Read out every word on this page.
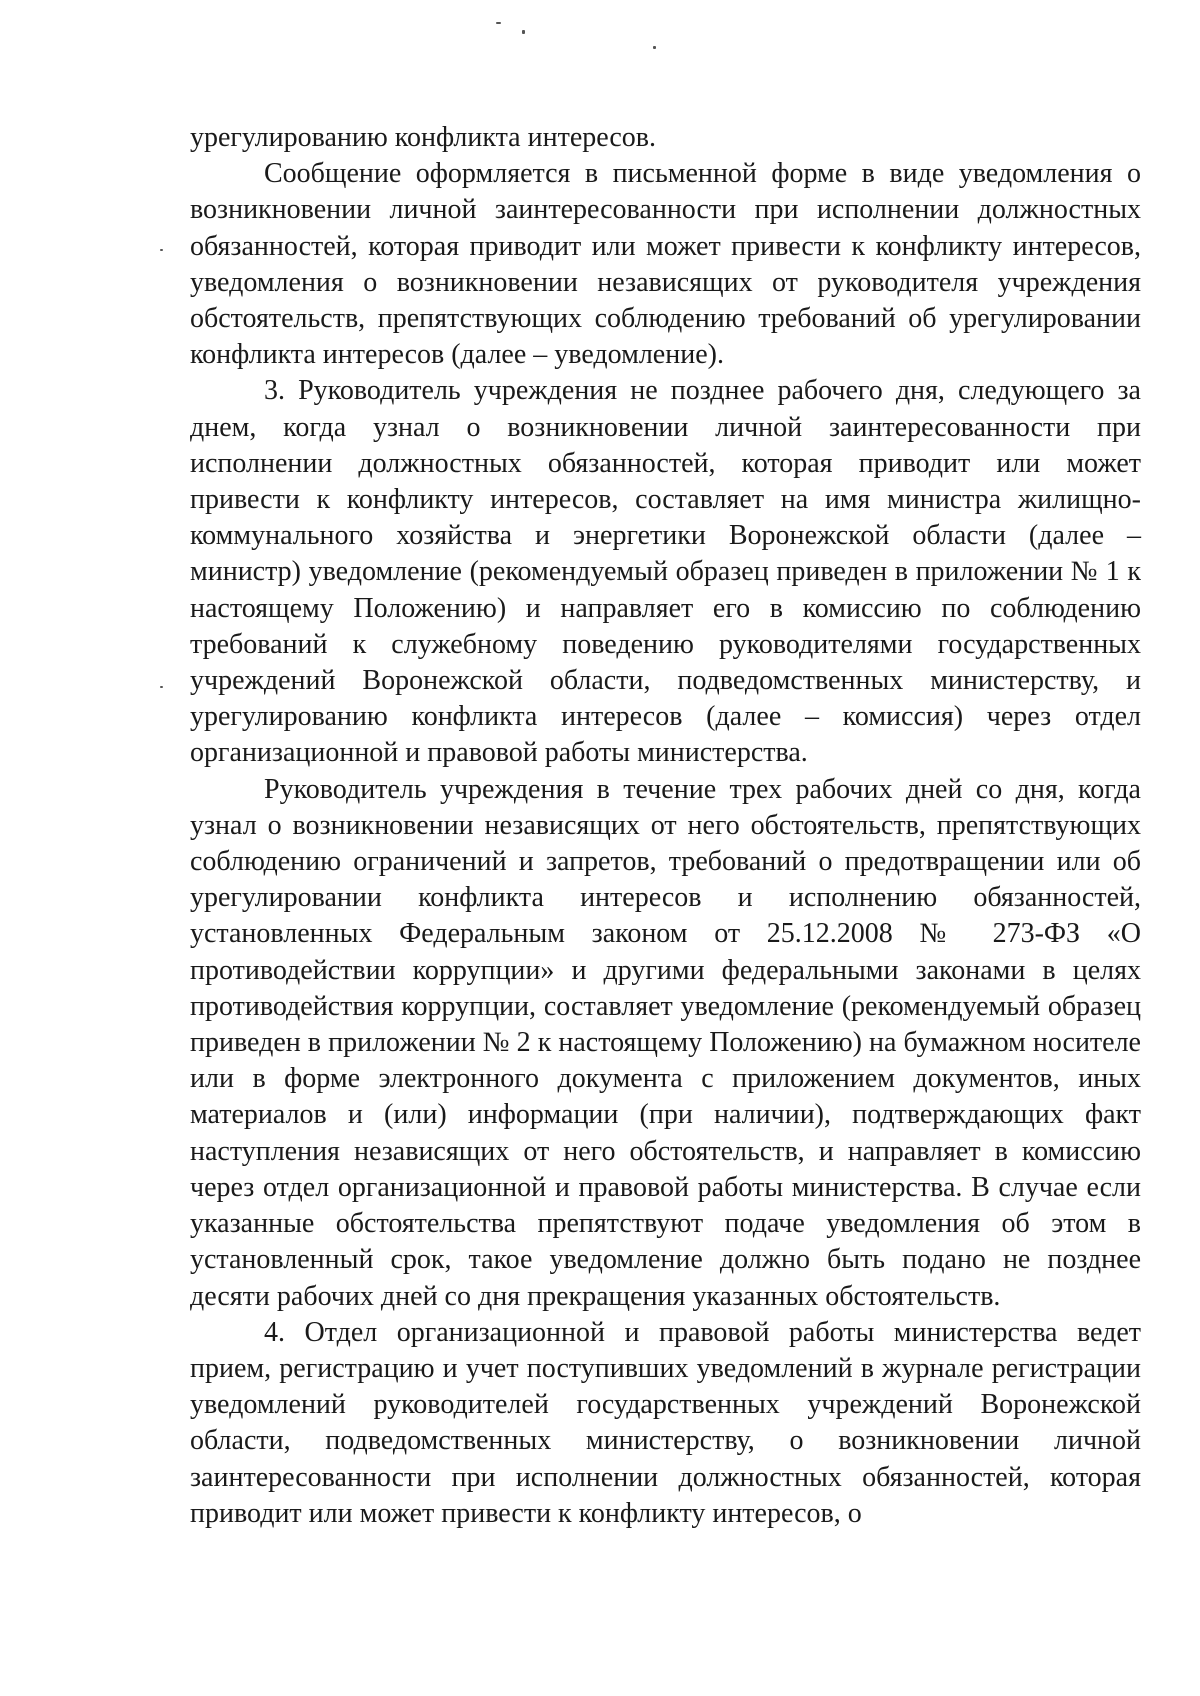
урегулированию конфликта интересов.

Сообщение оформляется в письменной форме в виде уведомления о возникновении личной заинтересованности при исполнении должностных обязанностей, которая приводит или может привести к конфликту интересов, уведомления о возникновении независящих от руководителя учреждения обстоятельств, препятствующих соблюдению требований об урегулировании конфликта интересов (далее – уведомление).

3. Руководитель учреждения не позднее рабочего дня, следующего за днем, когда узнал о возникновении личной заинтересованности при исполнении должностных обязанностей, которая приводит или может привести к конфликту интересов, составляет на имя министра жилищно-коммунального хозяйства и энергетики Воронежской области (далее – министр) уведомление (рекомендуемый образец приведен в приложении № 1 к настоящему Положению) и направляет его в комиссию по соблюдению требований к служебному поведению руководителями государственных учреждений Воронежской области, подведомственных министерству, и урегулированию конфликта интересов (далее – комиссия) через отдел организационной и правовой работы министерства.

Руководитель учреждения в течение трех рабочих дней со дня, когда узнал о возникновении независящих от него обстоятельств, препятствующих соблюдению ограничений и запретов, требований о предотвращении или об урегулировании конфликта интересов и исполнению обязанностей, установленных Федеральным законом от 25.12.2008 № 273-ФЗ «О противодействии коррупции» и другими федеральными законами в целях противодействия коррупции, составляет уведомление (рекомендуемый образец приведен в приложении № 2 к настоящему Положению) на бумажном носителе или в форме электронного документа с приложением документов, иных материалов и (или) информации (при наличии), подтверждающих факт наступления независящих от него обстоятельств, и направляет в комиссию через отдел организационной и правовой работы министерства. В случае если указанные обстоятельства препятствуют подаче уведомления об этом в установленный срок, такое уведомление должно быть подано не позднее десяти рабочих дней со дня прекращения указанных обстоятельств.

4. Отдел организационной и правовой работы министерства ведет прием, регистрацию и учет поступивших уведомлений в журнале регистрации уведомлений руководителей государственных учреждений Воронежской области, подведомственных министерству, о возникновении личной заинтересованности при исполнении должностных обязанностей, которая приводит или может привести к конфликту интересов, о
